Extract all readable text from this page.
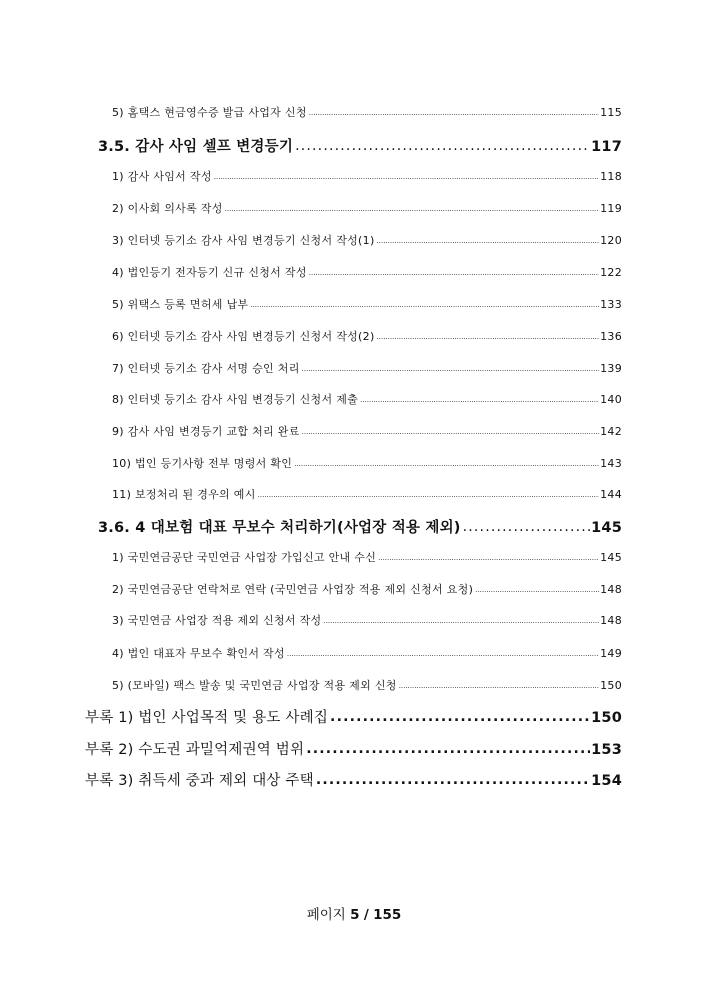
5) 홈택스 현금영수증 발급 사업자 신청 .....	115
3.5. 감사 사임 셀프 변경등기 .....	117
1) 감사 사임서 작성 .....	118
2) 이사회 의사록 작성 .....	119
3) 인터넷 등기소 감사 사임 변경등기 신청서 작성(1) .....	120
4) 법인등기 전자등기 신규 신청서 작성 .....	122
5) 위택스 등록 면허세 납부 .....	133
6) 인터넷 등기소 감사 사임 변경등기 신청서 작성(2) .....	136
7) 인터넷 등기소 감사 서명 승인 처리 .....	139
8) 인터넷 등기소 감사 사임 변경등기 신청서 제출 .....	140
9) 감사 사임 변경등기 교합 처리 완료 .....	142
10) 법인 등기사항 전부 명령서 확인 .....	143
11) 보정처리 된 경우의 예시 .....	144
3.6. 4 대보험 대표 무보수 처리하기(사업장 적용 제외) .....	145
1) 국민연금공단 국민연금 사업장 가입신고 안내 수신 .....	145
2) 국민연금공단 연락처로 연락 (국민연금 사업장 적용 제외 신청서 요청) .....	148
3) 국민연금 사업장 적용 제외 신청서 작성 .....	148
4) 법인 대표자 무보수 확인서 작성 .....	149
5) (모바일) 팩스 발송 및 국민연금 사업장 적용 제외 신청 .....	150
부록 1) 법인 사업목적 및 용도 사례집 .....	150
부록 2) 수도권 과밀억제권역 범위 .....	153
부록 3) 취득세 중과 제외 대상 주택 .....	154
페이지 5 / 155
